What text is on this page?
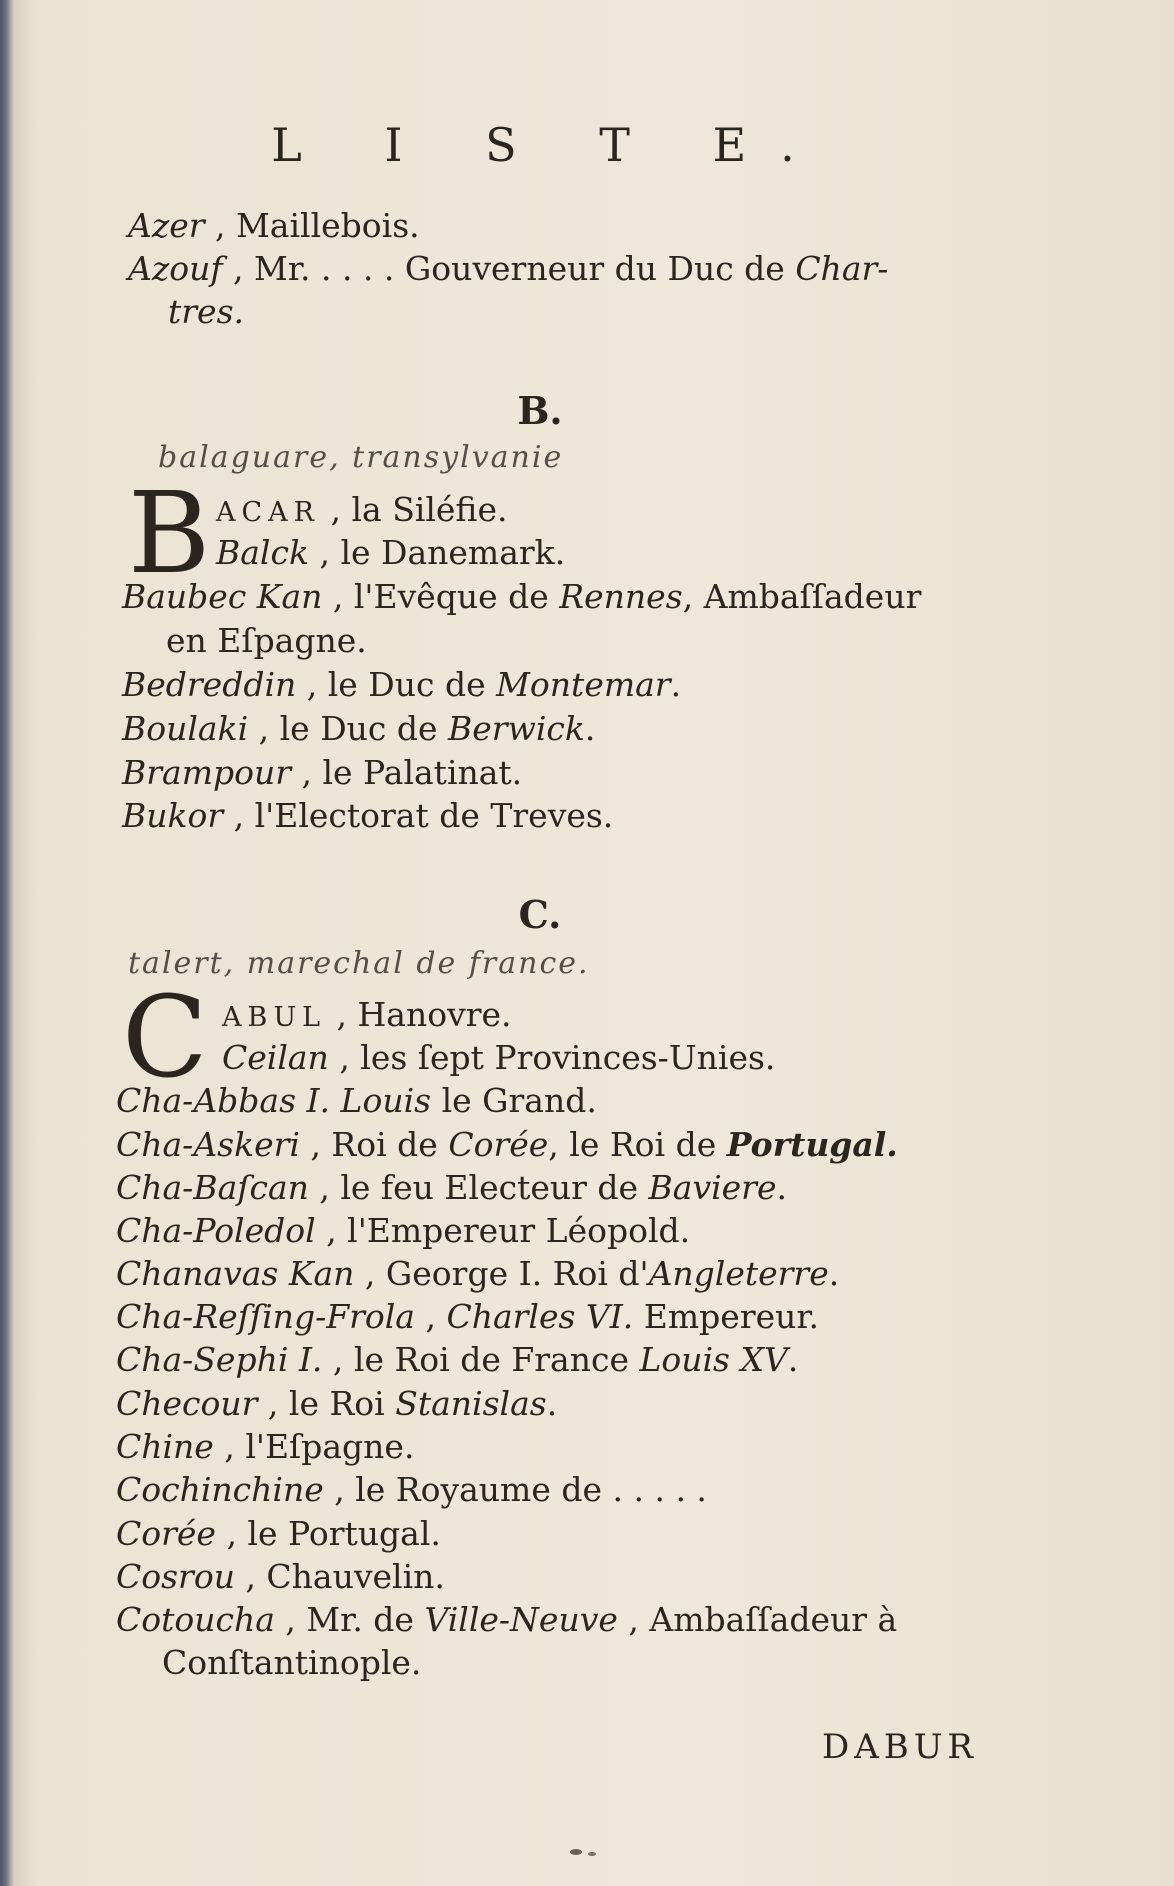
L I S T E.
Azer , Maillebois.
Azouf , Mr. . . . . Gouverneur du Duc de Char-
tres.
B.
balaguare, transylvanie
B ACAR , la Siléfie.
Balck , le Danemark.
Baubec Kan , l'Evêque de Rennes, Ambaſſadeur
en Eſpagne.
Bedreddin , le Duc de Montemar.
Boulaki , le Duc de Berwick.
Brampour , le Palatinat.
Bukor , l'Electorat de Treves.
C.
talert, marechal de france.
C ABUL , Hanovre.
Ceilan , les ſept Provinces-Unies.
Cha-Abbas I. Louis le Grand.
Cha-Askeri , Roi de Corée, le Roi de Portugal.
Cha-Baſcan , le feu Electeur de Baviere.
Cha-Poledol , l'Empereur Léopold.
Chanavas Kan , George I. Roi d'Angleterre.
Cha-Reſſing-Frola , Charles VI. Empereur.
Cha-Sephi I. , le Roi de France Louis XV.
Checour , le Roi Stanislas.
Chine , l'Eſpagne.
Cochinchine , le Royaume de . . . . .
Corée , le Portugal.
Cosrou , Chauvelin.
Cotoucha , Mr. de Ville-Neuve , Ambaſſadeur à
Conſtantinople.
DABUR
